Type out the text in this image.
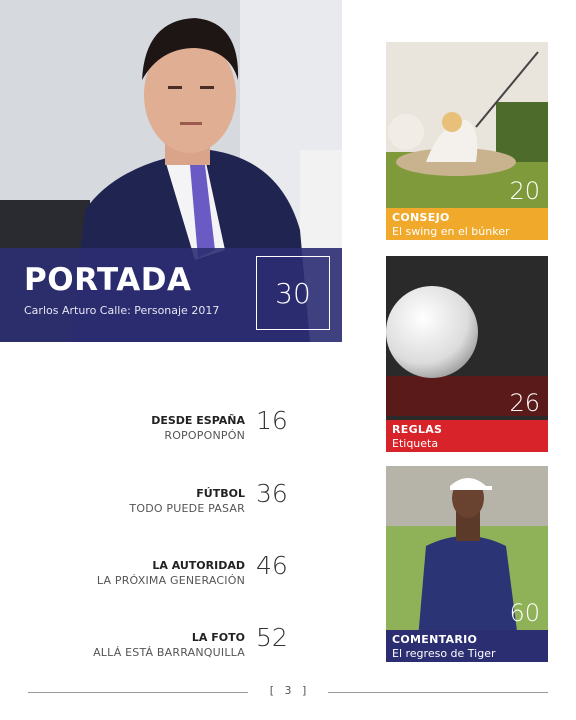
Foto: LaRepublica.co
PORTADA
Carlos Arturo Calle: Personaje 2017
30
20
CONSEJO
El swing en el búnker
26
REGLAS
Etiqueta
60
COMENTARIO
El regreso de Tiger
DESDE ESPAÑA
ROPOPONPÓN
16
FÚTBOL
TODO PUEDE PASAR
36
LA AUTORIDAD
LA PRÓXIMA GENERACIÓN
46
LA FOTO
ALLÁ ESTÁ BARRANQUILLA
52
[   3   ]
